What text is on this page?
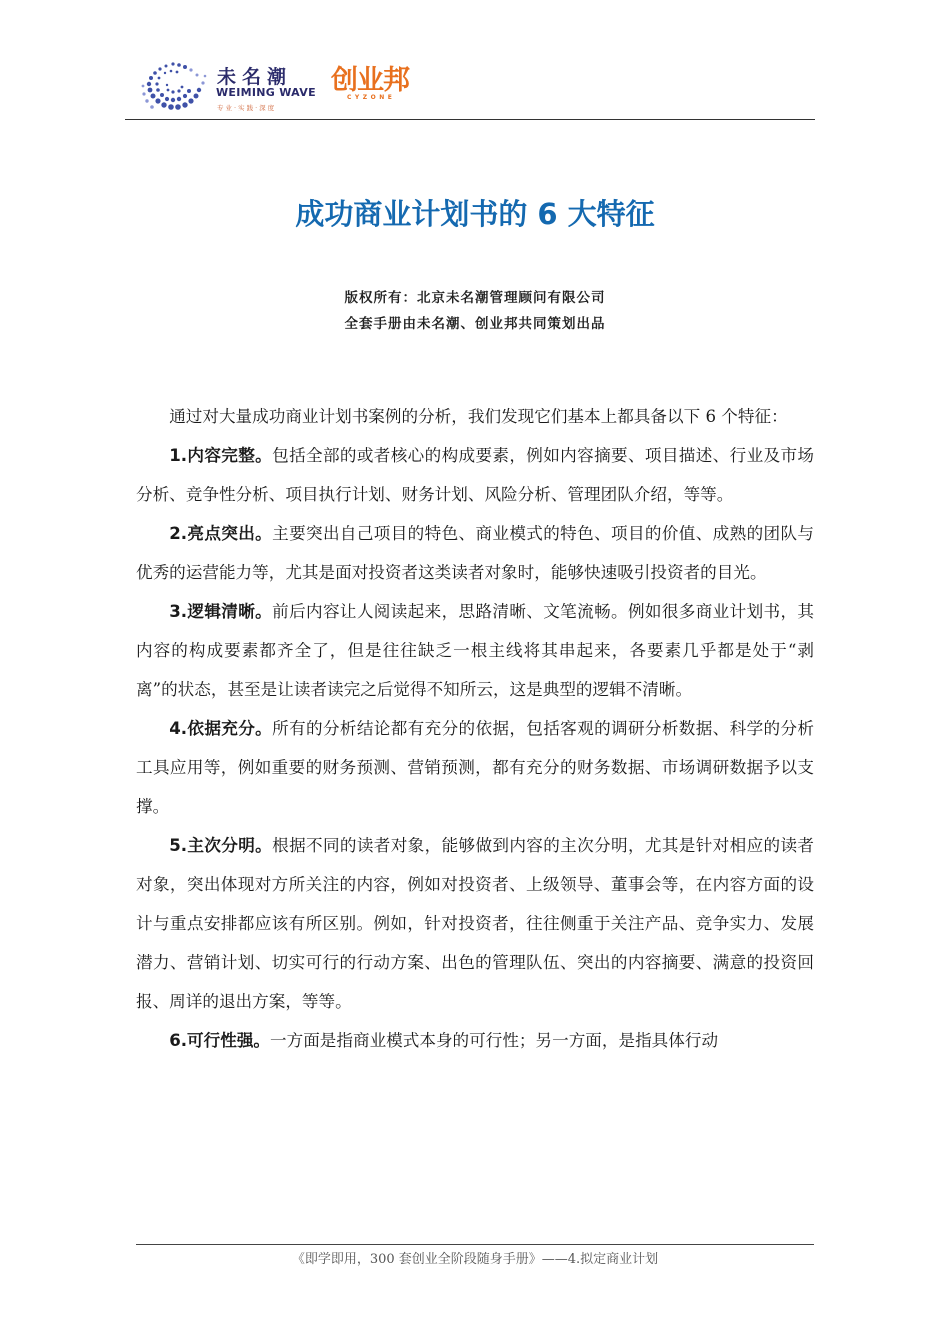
未名潮
WEIMING WAVE
专业·实践·深度
创业邦
CYZONE
成功商业计划书的 6 大特征
版权所有：北京未名潮管理顾问有限公司
全套手册由未名潮、创业邦共同策划出品

通过对大量成功商业计划书案例的分析，我们发现它们基本上都具备以下 6 个特征：

1.内容完整。包括全部的或者核心的构成要素，例如内容摘要、项目描述、行业及市场分析、竞争性分析、项目执行计划、财务计划、风险分析、管理团队介绍，等等。

2.亮点突出。主要突出自己项目的特色、商业模式的特色、项目的价值、成熟的团队与优秀的运营能力等，尤其是面对投资者这类读者对象时，能够快速吸引投资者的目光。

3.逻辑清晰。前后内容让人阅读起来，思路清晰、文笔流畅。例如很多商业计划书，其内容的构成要素都齐全了，但是往往缺乏一根主线将其串起来，各要素几乎都是处于“剥离”的状态，甚至是让读者读完之后觉得不知所云，这是典型的逻辑不清晰。

4.依据充分。所有的分析结论都有充分的依据，包括客观的调研分析数据、科学的分析工具应用等，例如重要的财务预测、营销预测，都有充分的财务数据、市场调研数据予以支撑。

5.主次分明。根据不同的读者对象，能够做到内容的主次分明，尤其是针对相应的读者对象，突出体现对方所关注的内容，例如对投资者、上级领导、董事会等，在内容方面的设计与重点安排都应该有所区别。例如，针对投资者，往往侧重于关注产品、竞争实力、发展潜力、营销计划、切实可行的行动方案、出色的管理队伍、突出的内容摘要、满意的投资回报、周详的退出方案，等等。

6.可行性强。一方面是指商业模式本身的可行性；另一方面，是指具体行动

《即学即用，300 套创业全阶段随身手册》——4.拟定商业计划
